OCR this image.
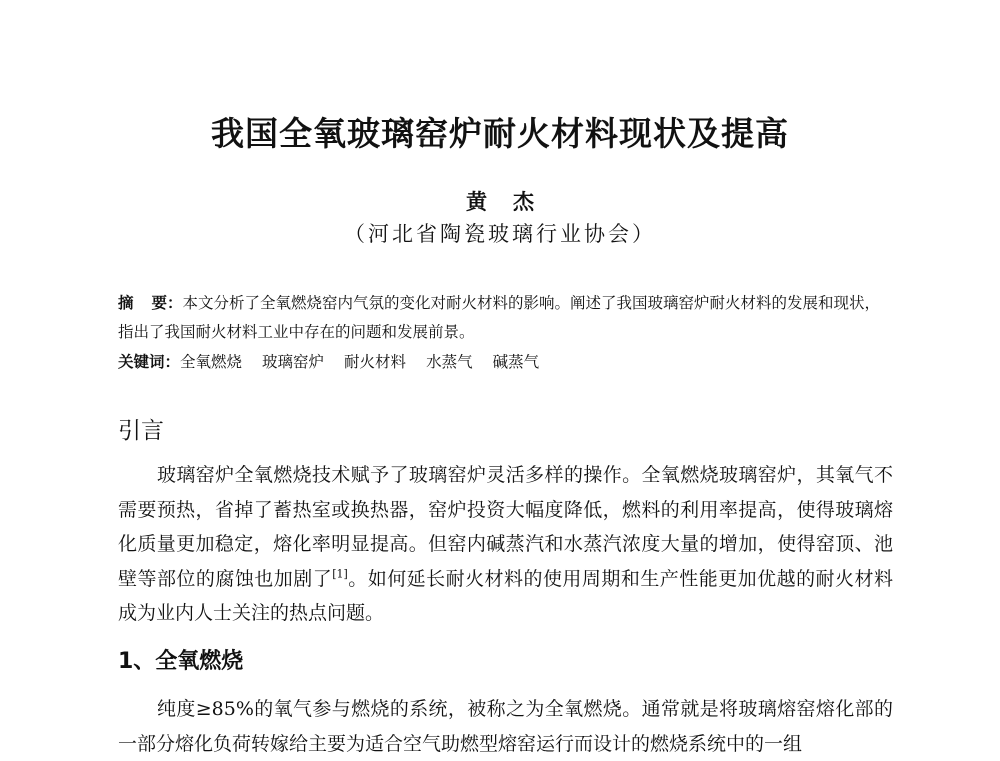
我国全氧玻璃窑炉耐火材料现状及提高
黄 杰
（河北省陶瓷玻璃行业协会）
摘 要：本文分析了全氧燃烧窑内气氛的变化对耐火材料的影响。阐述了我国玻璃窑炉耐火材料的发展和现状，指出了我国耐火材料工业中存在的问题和发展前景。
关键词：全氧燃烧 玻璃窑炉 耐火材料 水蒸气 碱蒸气
引言

玻璃窑炉全氧燃烧技术赋予了玻璃窑炉灵活多样的操作。全氧燃烧玻璃窑炉，其氧气不需要预热，省掉了蓄热室或换热器，窑炉投资大幅度降低，燃料的利用率提高，使得玻璃熔化质量更加稳定，熔化率明显提高。但窑内碱蒸汽和水蒸汽浓度大量的增加，使得窑顶、池壁等部位的腐蚀也加剧了[1]。如何延长耐火材料的使用周期和生产性能更加优越的耐火材料成为业内人士关注的热点问题。

1、全氧燃烧

纯度≥85%的氧气参与燃烧的系统，被称之为全氧燃烧。通常就是将玻璃熔窑熔化部的一部分熔化负荷转嫁给主要为适合空气助燃型熔窑运行而设计的燃烧系统中的一组
